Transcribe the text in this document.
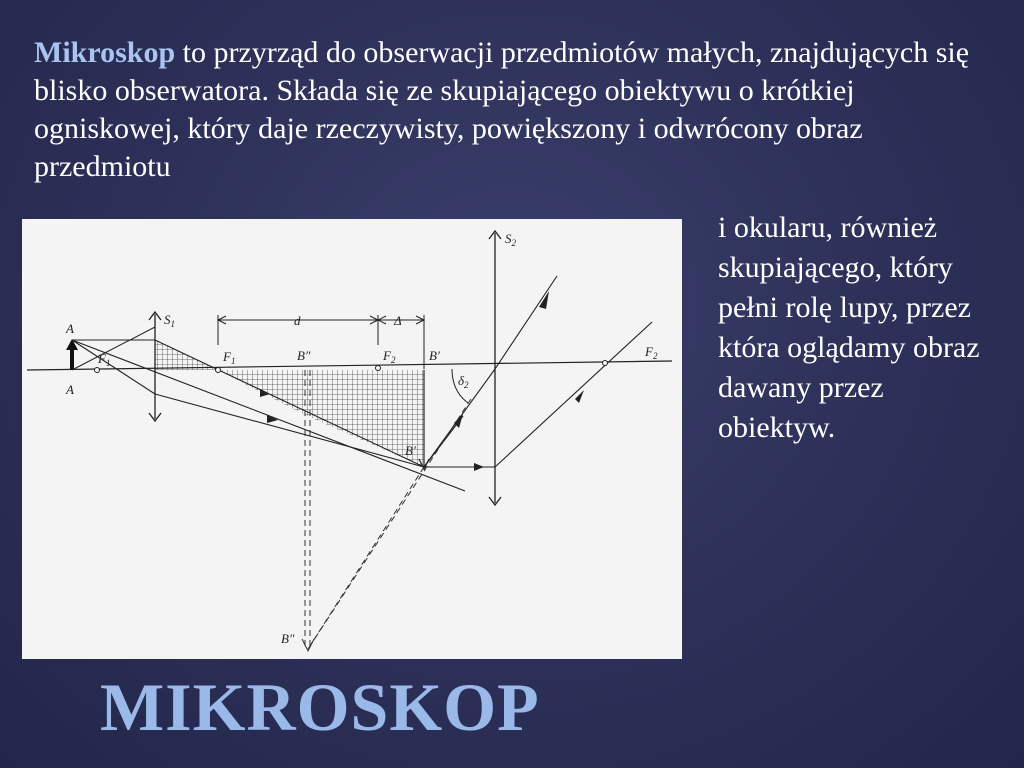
Mikroskop to przyrząd do obserwacji przedmiotów małych, znajdujących się blisko obserwatora. Składa się ze skupiającego obiektywu o krótkiej ogniskowej, który daje rzeczywisty, powiększony i odwrócony obraz przedmiotu

$S_1$
$S_2$
A
A
$F_1$	$F_1$	B″	$F_2$	B′
B′
$F_2$
d	Δ
$\delta_2$
B″

i okularu, również skupiającego, który pełni rolę lupy, przez która oglądamy obraz dawany przez obiektyw.

MIKROSKOP
